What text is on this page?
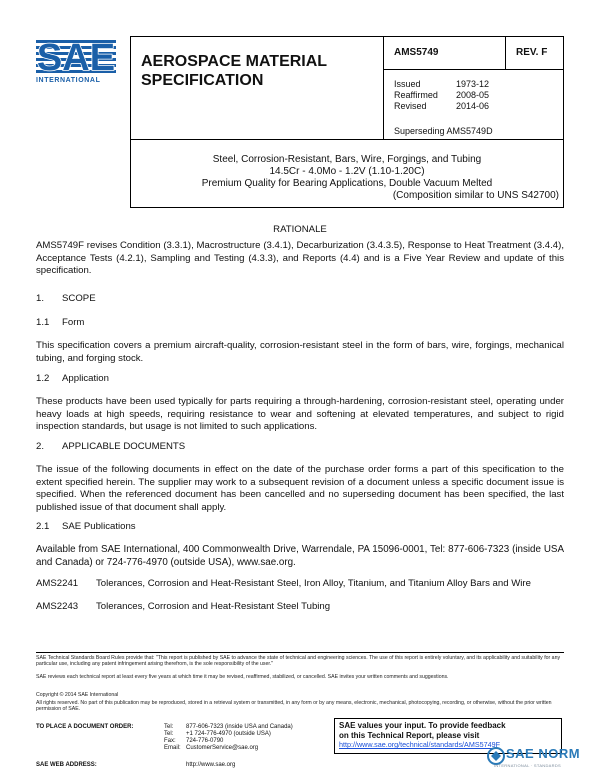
SAE
INTERNATIONAL
AEROSPACE MATERIAL
SPECIFICATION
AMS5749	REV. F
Issued	1973-12
Reaffirmed	2008-05
Revised	2014-06
Superseding AMS5749D
Steel, Corrosion-Resistant, Bars, Wire, Forgings, and Tubing
14.5Cr - 4.0Mo - 1.2V (1.10-1.20C)
Premium Quality for Bearing Applications, Double Vacuum Melted
(Composition similar to UNS S42700)
RATIONALE
AMS5749F revises Condition (3.3.1), Macrostructure (3.4.1), Decarburization (3.4.3.5), Response to Heat Treatment (3.4.4), Acceptance Tests (4.2.1), Sampling and Testing (4.3.3), and Reports (4.4) and is a Five Year Review and update of this specification.
1. SCOPE
1.1 Form
This specification covers a premium aircraft-quality, corrosion-resistant steel in the form of bars, wire, forgings, mechanical tubing, and forging stock.
1.2 Application
These products have been used typically for parts requiring a through-hardening, corrosion-resistant steel, operating under heavy loads at high speeds, requiring resistance to wear and softening at elevated temperatures, and subject to rigid inspection standards, but usage is not limited to such applications.
2. APPLICABLE DOCUMENTS
The issue of the following documents in effect on the date of the purchase order forms a part of this specification to the extent specified herein. The supplier may work to a subsequent revision of a document unless a specific document issue is specified. When the referenced document has been cancelled and no superseding document has been specified, the last published issue of that document shall apply.
2.1 SAE Publications
Available from SAE International, 400 Commonwealth Drive, Warrendale, PA 15096-0001, Tel: 877-606-7323 (inside USA and Canada) or 724-776-4970 (outside USA), www.sae.org.
AMS2241	Tolerances, Corrosion and Heat-Resistant Steel, Iron Alloy, Titanium, and Titanium Alloy Bars and Wire
AMS2243	Tolerances, Corrosion and Heat-Resistant Steel Tubing
SAE Technical Standards Board Rules provide that: "This report is published by SAE to advance the state of technical and engineering sciences. The use of this report is entirely voluntary, and its applicability and suitability for any particular use, including any patent infringement arising therefrom, is the sole responsibility of the user."
SAE reviews each technical report at least every five years at which time it may be revised, reaffirmed, stabilized, or cancelled. SAE invites your written comments and suggestions.
Copyright © 2014 SAE International
All rights reserved. No part of this publication may be reproduced, stored in a retrieval system or transmitted, in any form or by any means, electronic, mechanical, photocopying, recording, or otherwise, without the prior written permission of SAE.
TO PLACE A DOCUMENT ORDER:	Tel:	877-606-7323 (inside USA and Canada)
Tel:	+1 724-776-4970 (outside USA)
Fax:	724-776-0790
Email: CustomerService@sae.org
http://www.sae.org
SAE WEB ADDRESS:
SAE values your input. To provide feedback
on this Technical Report, please visit
http://www.sae.org/technical/standards/AMS5749F
SAE NORM
INTERNATIONAL · STANDARDS
